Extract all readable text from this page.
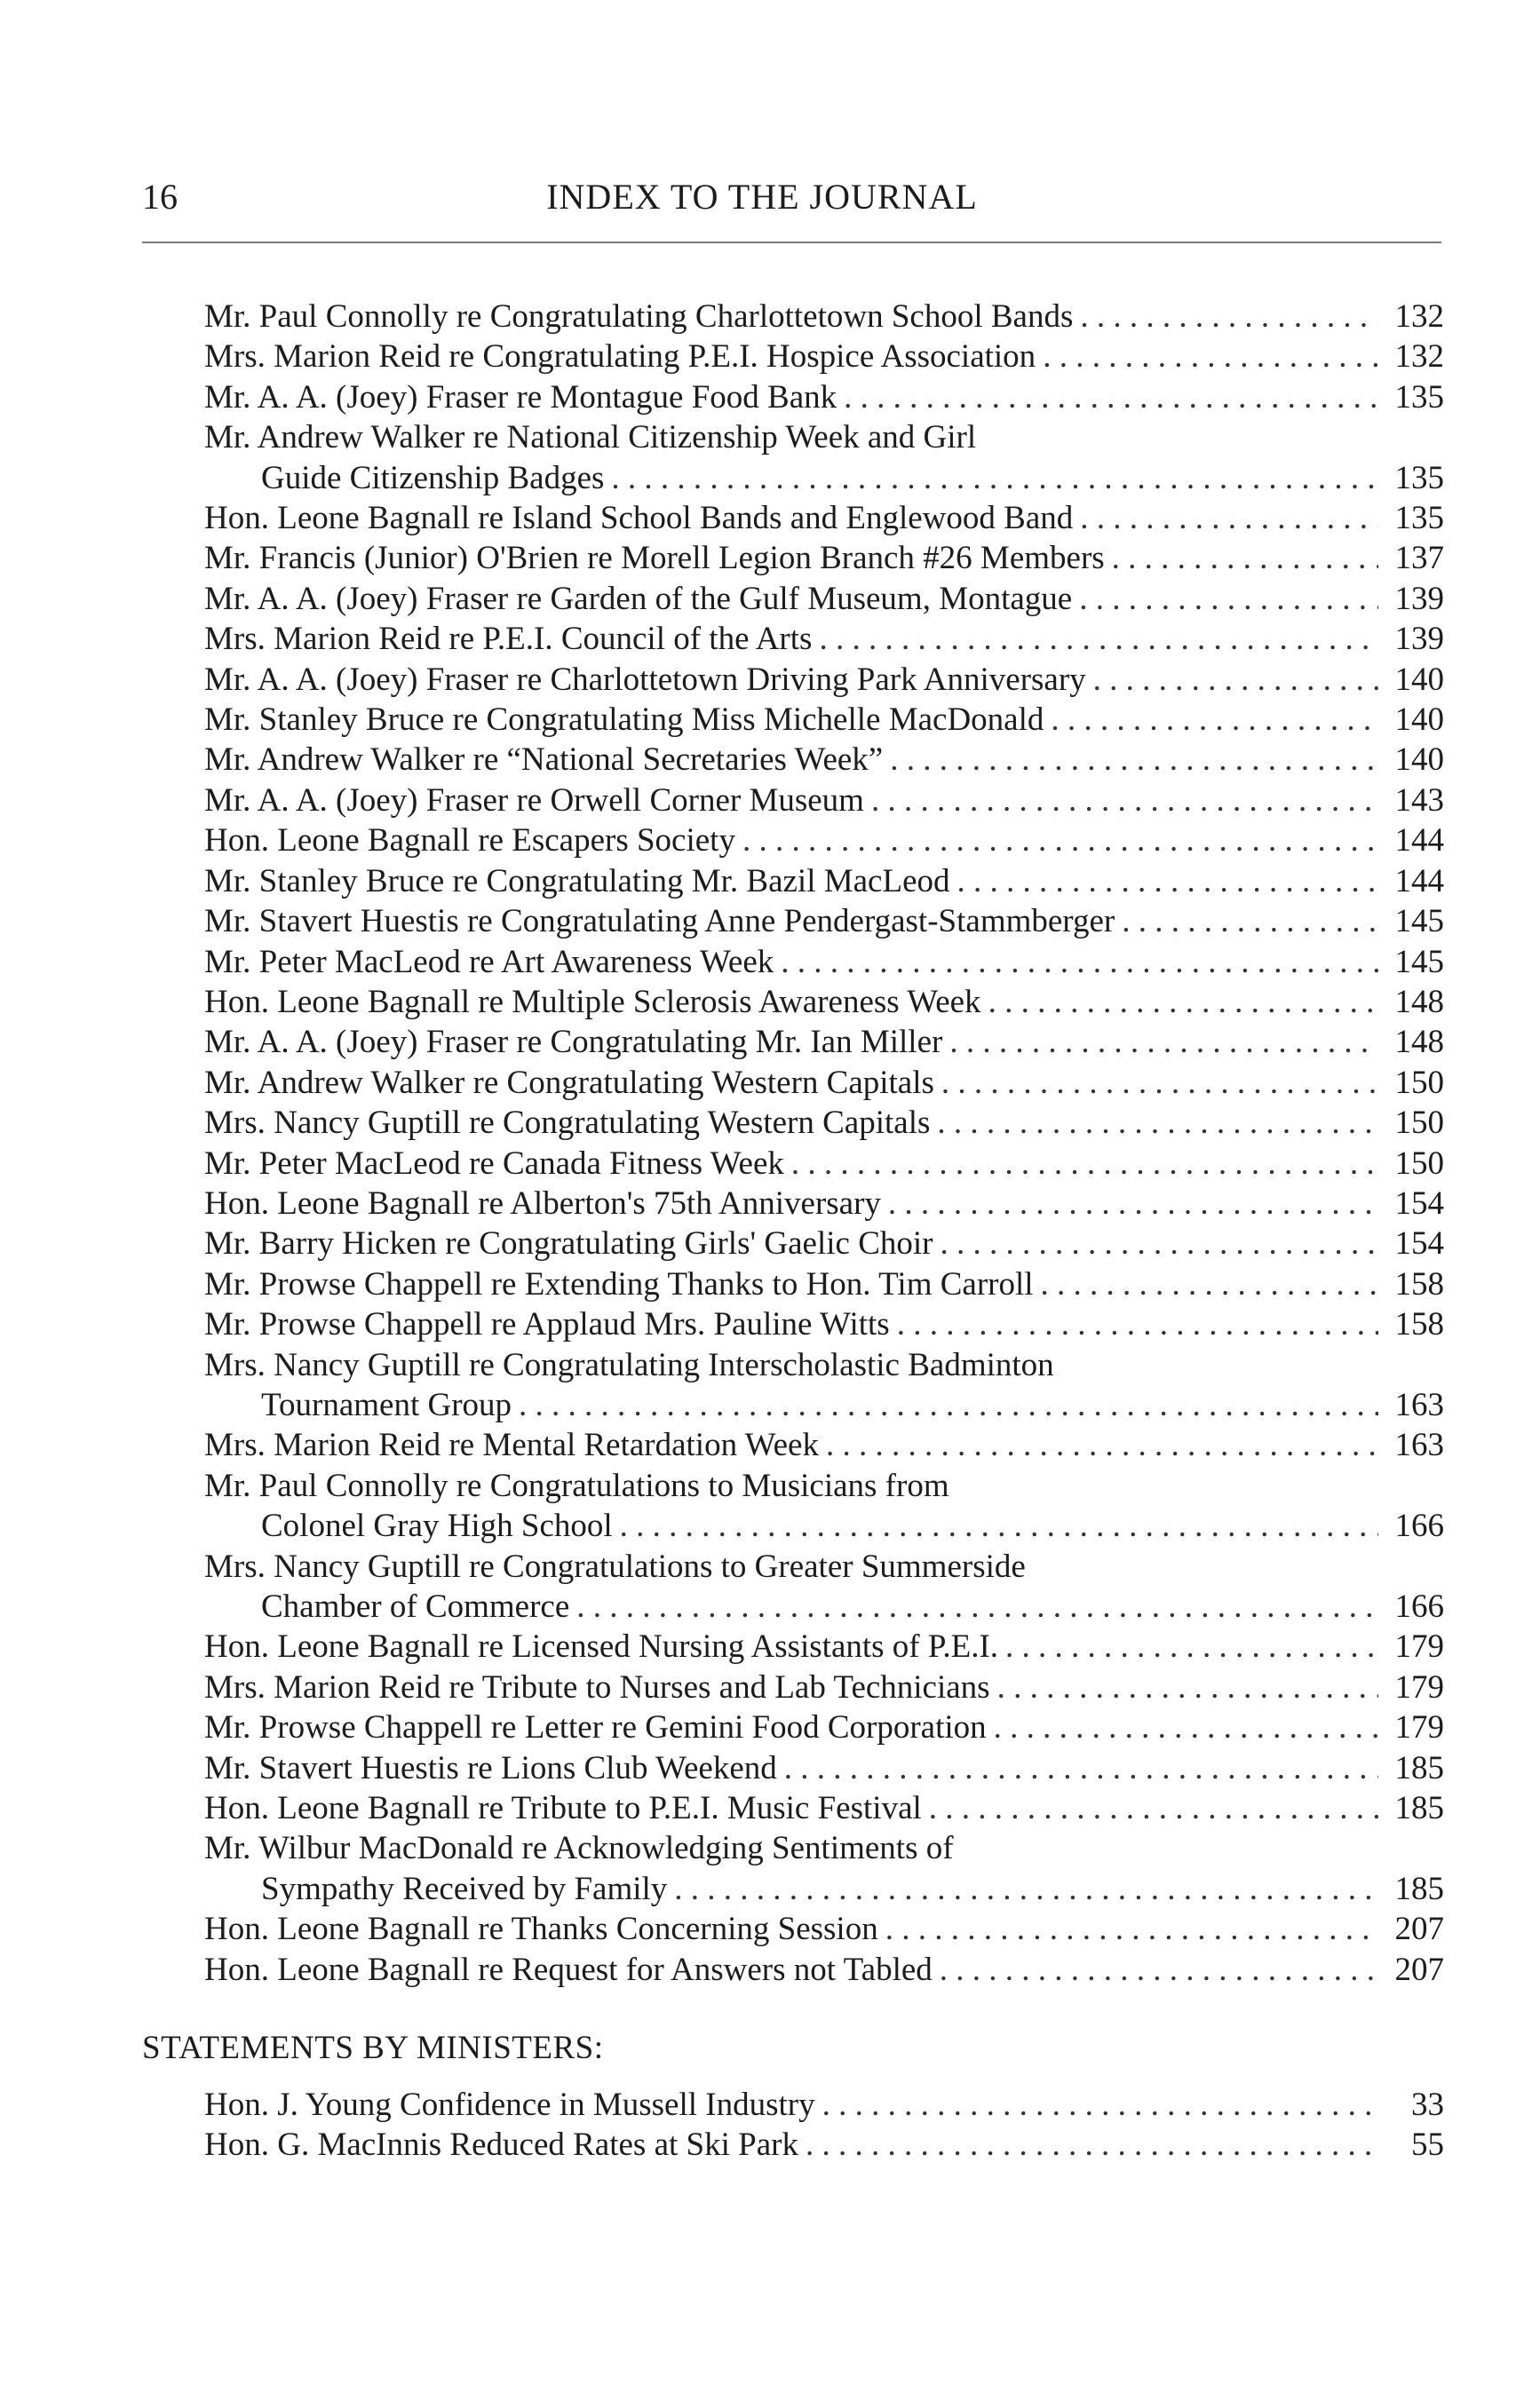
16	INDEX TO THE JOURNAL
Mr. Paul Connolly re Congratulating Charlottetown School Bands . . .	132
Mrs. Marion Reid re Congratulating P.E.I. Hospice Association . . .	132
Mr. A. A. (Joey) Fraser re Montague Food Bank . . .	135
Mr. Andrew Walker re National Citizenship Week and Girl
Guide Citizenship Badges . . .	135
Hon. Leone Bagnall re Island School Bands and Englewood Band . . .	135
Mr. Francis (Junior) O'Brien re Morell Legion Branch #26 Members . . .	137
Mr. A. A. (Joey) Fraser re Garden of the Gulf Museum, Montague . . .	139
Mrs. Marion Reid re P.E.I. Council of the Arts . . .	139
Mr. A. A. (Joey) Fraser re Charlottetown Driving Park Anniversary . . .	140
Mr. Stanley Bruce re Congratulating Miss Michelle MacDonald . . .	140
Mr. Andrew Walker re “National Secretaries Week” . . .	140
Mr. A. A. (Joey) Fraser re Orwell Corner Museum . . .	143
Hon. Leone Bagnall re Escapers Society . . .	144
Mr. Stanley Bruce re Congratulating Mr. Bazil MacLeod . . .	144
Mr. Stavert Huestis re Congratulating Anne Pendergast-Stammberger . . .	145
Mr. Peter MacLeod re Art Awareness Week . . .	145
Hon. Leone Bagnall re Multiple Sclerosis Awareness Week . . .	148
Mr. A. A. (Joey) Fraser re Congratulating Mr. Ian Miller . . .	148
Mr. Andrew Walker re Congratulating Western Capitals . . .	150
Mrs. Nancy Guptill re Congratulating Western Capitals . . .	150
Mr. Peter MacLeod re Canada Fitness Week . . .	150
Hon. Leone Bagnall re Alberton's 75th Anniversary . . .	154
Mr. Barry Hicken re Congratulating Girls' Gaelic Choir . . .	154
Mr. Prowse Chappell re Extending Thanks to Hon. Tim Carroll . . .	158
Mr. Prowse Chappell re Applaud Mrs. Pauline Witts . . .	158
Mrs. Nancy Guptill re Congratulating Interscholastic Badminton
Tournament Group . . .	163
Mrs. Marion Reid re Mental Retardation Week . . .	163
Mr. Paul Connolly re Congratulations to Musicians from
Colonel Gray High School . . .	166
Mrs. Nancy Guptill re Congratulations to Greater Summerside
Chamber of Commerce . . .	166
Hon. Leone Bagnall re Licensed Nursing Assistants of P.E.I. . . .	179
Mrs. Marion Reid re Tribute to Nurses and Lab Technicians . . .	179
Mr. Prowse Chappell re Letter re Gemini Food Corporation . . .	179
Mr. Stavert Huestis re Lions Club Weekend . . .	185
Hon. Leone Bagnall re Tribute to P.E.I. Music Festival . . .	185
Mr. Wilbur MacDonald re Acknowledging Sentiments of
Sympathy Received by Family . . .	185
Hon. Leone Bagnall re Thanks Concerning Session . . .	207
Hon. Leone Bagnall re Request for Answers not Tabled . . .	207
STATEMENTS BY MINISTERS:
Hon. J. Young Confidence in Mussell Industry . . .	33
Hon. G. MacInnis Reduced Rates at Ski Park . . .	55
